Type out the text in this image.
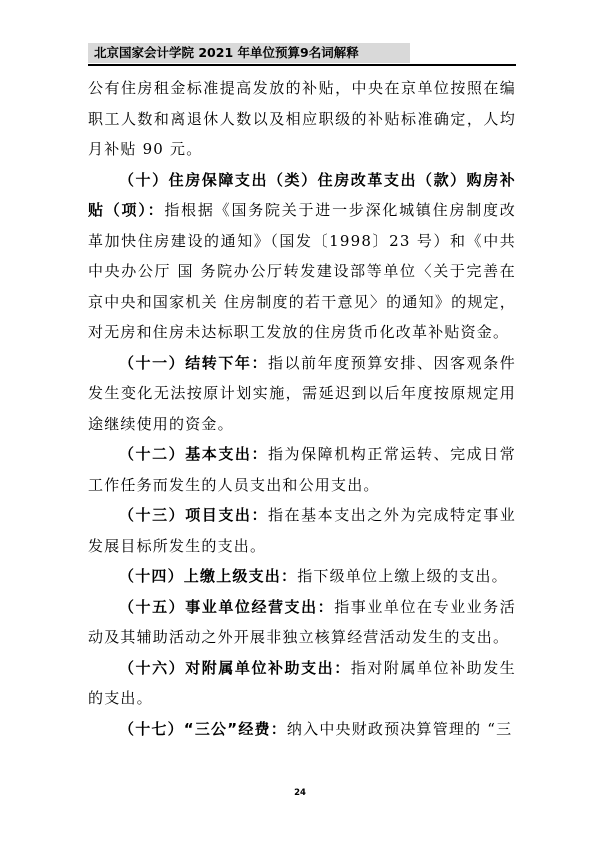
北京国家会计学院 2021 年单位预算9名词解释

公有住房租金标准提高发放的补贴，中央在京单位按照在编职工人数和离退休人数以及相应职级的补贴标准确定，人均月补贴 90 元。

（十）住房保障支出（类）住房改革支出（款）购房补贴（项）：指根据《国务院关于进一步深化城镇住房制度改 革加快住房建设的通知》（国发〔1998〕23 号）和《中共中央办公厅 国 务院办公厅转发建设部等单位〈关于完善在京中央和国家机关 住房制度的若干意见〉的通知》的规定，对无房和住房未达标职工发放的住房货币化改革补贴资金。

（十一）结转下年：指以前年度预算安排、因客观条件发生变化无法按原计划实施，需延迟到以后年度按原规定用途继续使用的资金。

（十二）基本支出：指为保障机构正常运转、完成日常工作任务而发生的人员支出和公用支出。

（十三）项目支出：指在基本支出之外为完成特定事业发展目标所发生的支出。

（十四）上缴上级支出：指下级单位上缴上级的支出。

（十五）事业单位经营支出：指事业单位在专业业务活动及其辅助活动之外开展非独立核算经营活动发生的支出。

（十六）对附属单位补助支出：指对附属单位补助发生的支出。

（十七）“三公”经费：纳入中央财政预决算管理的 “三

24
